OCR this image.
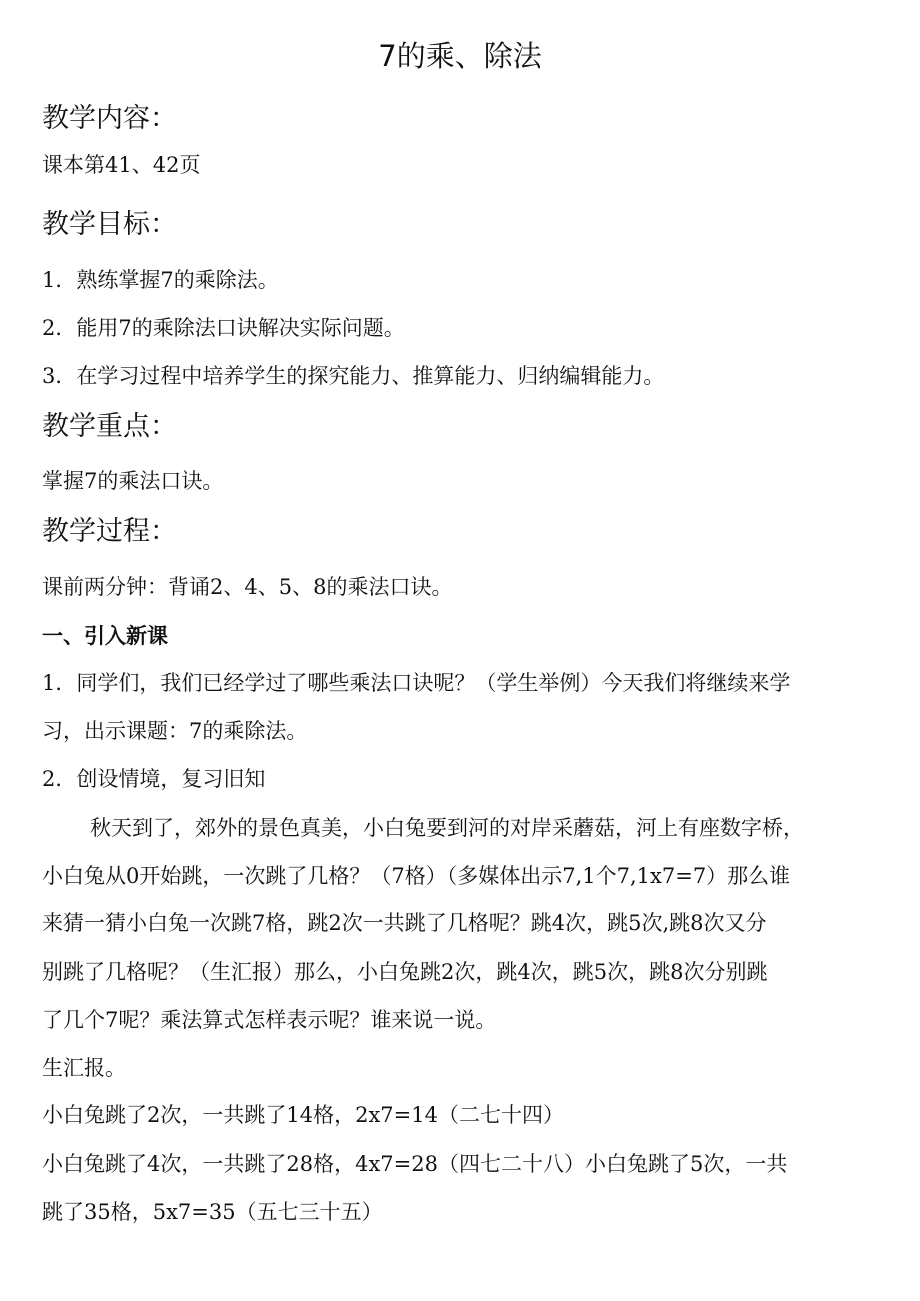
7的乘、除法
教学内容：
课本第41、42页
教学目标：
1．熟练掌握7的乘除法。
2．能用7的乘除法口诀解决实际问题。
3．在学习过程中培养学生的探究能力、推算能力、归纳编辑能力。
教学重点：
掌握7的乘法口诀。
教学过程：
课前两分钟：背诵2、4、5、8的乘法口诀。
一、引入新课
1．同学们，我们已经学过了哪些乘法口诀呢？（学生举例）今天我们将继续来学
习，出示课题：7的乘除法。
2．创设情境，复习旧知
秋天到了，郊外的景色真美，小白兔要到河的对岸采蘑菇，河上有座数字桥，
小白兔从0开始跳，一次跳了几格？（7格）（多媒体出示7,1个7,1x7=7）那么谁
来猜一猜小白兔一次跳7格，跳2次一共跳了几格呢？跳4次，跳5次,跳8次又分
别跳了几格呢？（生汇报）那么，小白兔跳2次，跳4次，跳5次，跳8次分别跳
了几个7呢？乘法算式怎样表示呢？谁来说一说。
生汇报。
小白兔跳了2次，一共跳了14格，2x7=14（二七十四）
小白兔跳了4次，一共跳了28格，4x7=28（四七二十八）小白兔跳了5次，一共
跳了35格，5x7=35（五七三十五）
